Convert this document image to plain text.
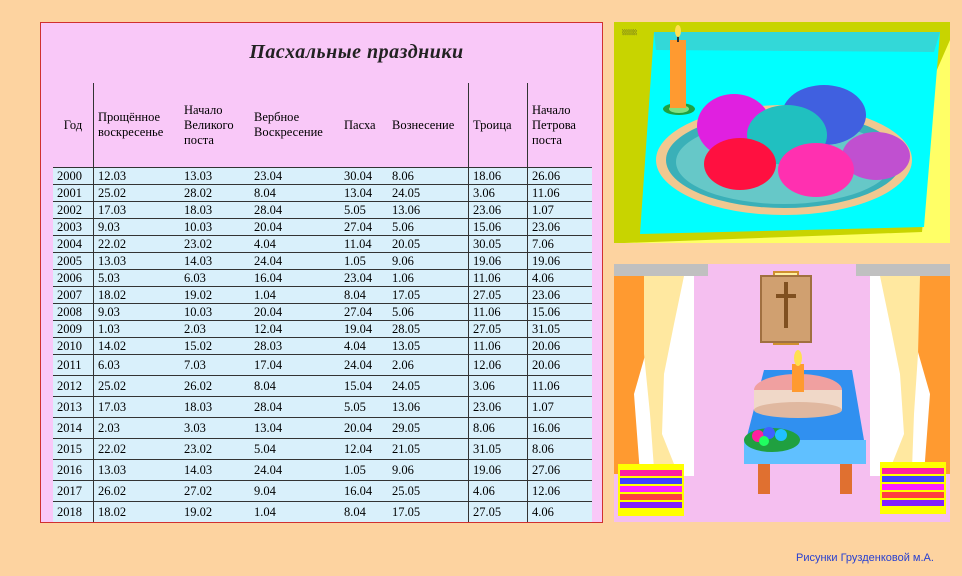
Пасхальные праздники
Год	Прощённое воскресенье	Начало Великого поста	Вербное Воскресение	Пасха	Вознесение	Троица	Начало Петрова поста
2000	12.03	13.03	23.04	30.04	8.06	18.06	26.06
2001	25.02	28.02	8.04	13.04	24.05	3.06	11.06
2002	17.03	18.03	28.04	5.05	13.06	23.06	1.07
2003	9.03	10.03	20.04	27.04	5.06	15.06	23.06
2004	22.02	23.02	4.04	11.04	20.05	30.05	7.06
2005	13.03	14.03	24.04	1.05	9.06	19.06	19.06
2006	5.03	6.03	16.04	23.04	1.06	11.06	4.06
2007	18.02	19.02	1.04	8.04	17.05	27.05	23.06
2008	9.03	10.03	20.04	27.04	5.06	11.06	15.06
2009	1.03	2.03	12.04	19.04	28.05	27.05	31.05
2010	14.02	15.02	28.03	4.04	13.05	11.06	20.06
2011	6.03	7.03	17.04	24.04	2.06	12.06	20.06
2012	25.02	26.02	8.04	15.04	24.05	3.06	11.06
2013	17.03	18.03	28.04	5.05	13.06	23.06	1.07
2014	2.03	3.03	13.04	20.04	29.05	8.06	16.06
2015	22.02	23.02	5.04	12.04	21.05	31.05	8.06
2016	13.03	14.03	24.04	1.05	9.06	19.06	27.06
2017	26.02	27.02	9.04	16.04	25.05	4.06	12.06
2018	18.02	19.02	1.04	8.04	17.05	27.05	4.06
░░░░
Рисунки Грузденковой м.А.
